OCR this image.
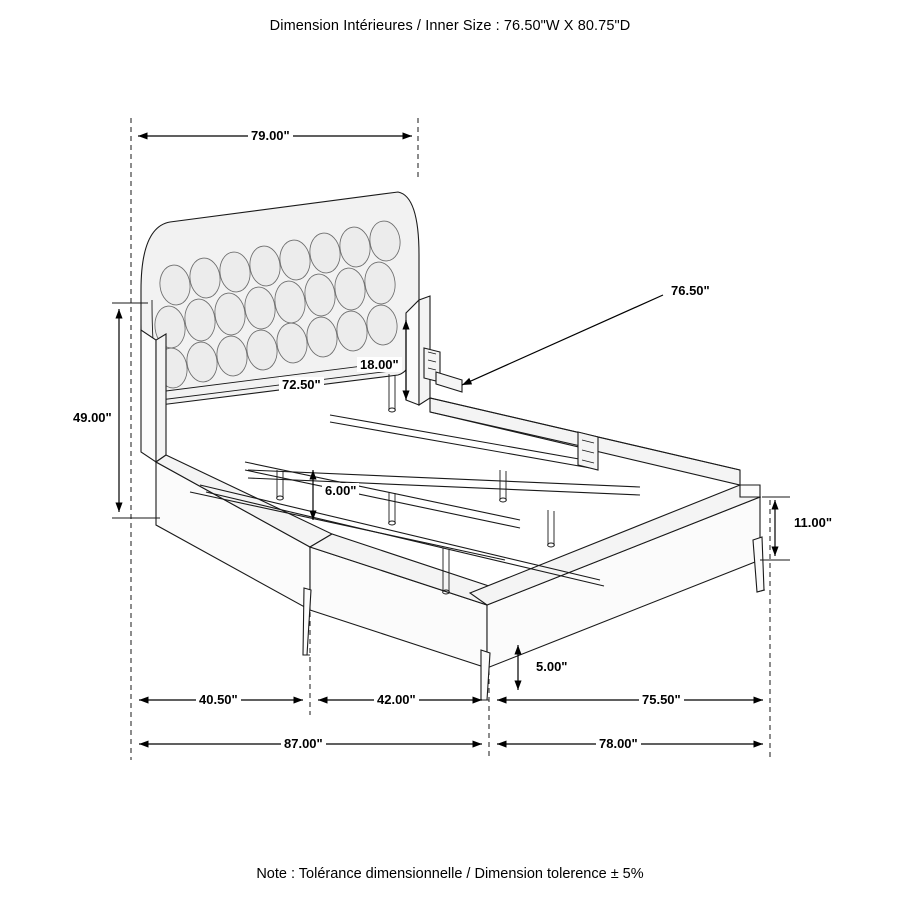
Dimension Intérieures / Inner Size : 76.50"W X 80.75"D
79.00"
76.50"
72.50"
18.00"
49.00"
6.00"
11.00"
5.00"
40.50"	42.00"	75.50"
87.00"	78.00"
Note : Tolérance dimensionnelle / Dimension tolerence ± 5%
